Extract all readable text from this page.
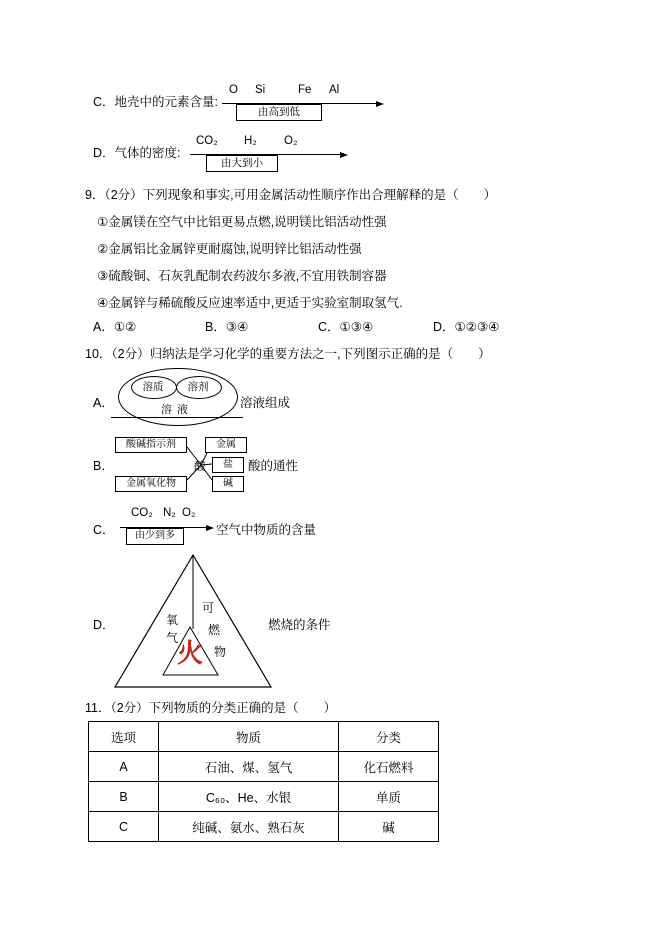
C．地壳中的元素含量:
O Si	Fe Al
由高到低
D．气体的密度:
CO₂ H₂ O₂
由大到小
9．（2分）下列现象和事实,可用金属活动性顺序作出合理解释的是（　　）
①金属镁在空气中比铝更易点燃,说明镁比铝活动性强
②金属铝比金属锌更耐腐蚀,说明锌比铝活动性强
③硫酸铜、石灰乳配制农药波尔多液,不宜用铁制容器
④金属锌与稀硫酸反应速率适中,更适于实验室制取氢气.
A．①②	B．③④	C．①③④	D．①②③④
10．（2分）归纳法是学习化学的重要方法之一,下列图示正确的是（　　）
A．
溶质	溶剂
溶液	溶液组成
B．
酸碱指示剂	金属
酸	盐
金属氧化物	碱
酸的通性
C．
CO₂ N₂ O₂
由少到多	空气中物质的含量
D．	氧
气
可
燃
物
火
燃烧的条件
11．（2分）下列物质的分类正确的是（　　）
选项	物质	分类
A	石油、煤、氢气	化石燃料
B	C₆₀、He、水银	单质
C	纯碱、氨水、熟石灰	碱
